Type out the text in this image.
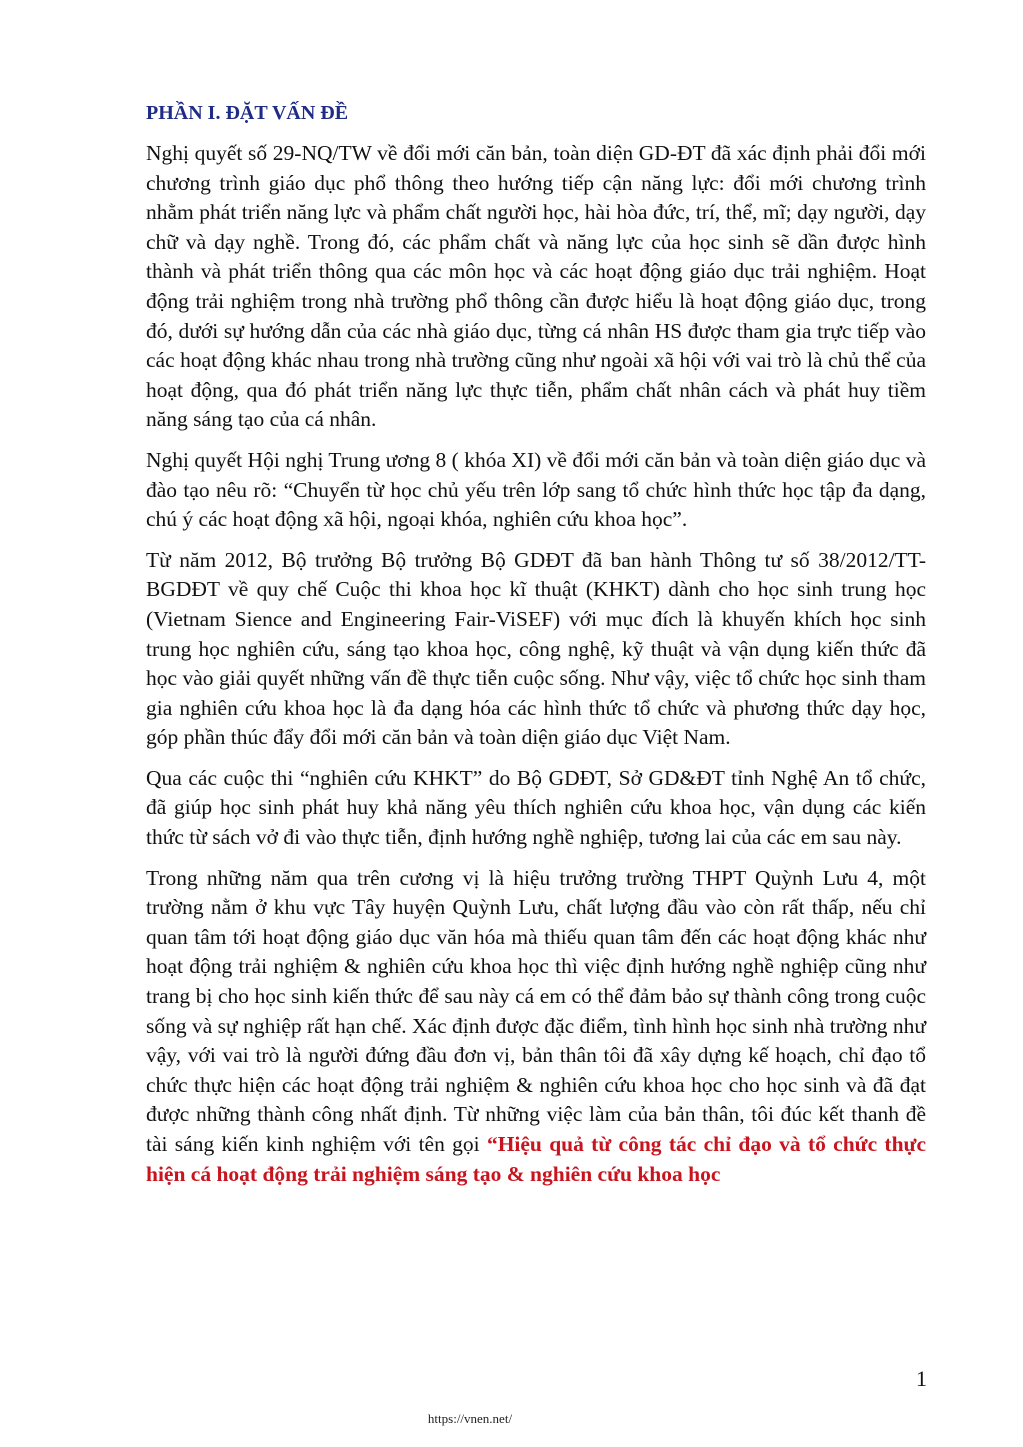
PHẦN I. ĐẶT VẤN ĐỀ

Nghị quyết số 29-NQ/TW về đổi mới căn bản, toàn diện GD-ĐT đã xác định phải đổi mới chương trình giáo dục phổ thông theo hướng tiếp cận năng lực: đổi mới chương trình nhằm phát triển năng lực và phẩm chất người học, hài hòa đức, trí, thể, mĩ; dạy người, dạy chữ và dạy nghề. Trong đó, các phẩm chất và năng lực của học sinh sẽ dần được hình thành và phát triển thông qua các môn học và các hoạt động giáo dục trải nghiệm. Hoạt động trải nghiệm trong nhà trường phổ thông cần được hiểu là hoạt động giáo dục, trong đó, dưới sự hướng dẫn của các nhà giáo dục, từng cá nhân HS được tham gia trực tiếp vào các hoạt động khác nhau trong nhà trường cũng như ngoài xã hội với vai trò là chủ thể của hoạt động, qua đó phát triển năng lực thực tiễn, phẩm chất nhân cách và phát huy tiềm năng sáng tạo của cá nhân.

Nghị quyết Hội nghị Trung ương 8 ( khóa XI) về đổi mới căn bản và toàn diện giáo dục và đào tạo nêu rõ: “Chuyển từ học chủ yếu trên lớp sang tổ chức hình thức học tập đa dạng, chú ý các hoạt động xã hội, ngoại khóa, nghiên cứu khoa học”.

Từ năm 2012, Bộ trưởng Bộ trưởng Bộ GDĐT đã ban hành Thông tư số 38/2012/TT-BGDĐT về quy chế Cuộc thi khoa học kĩ thuật (KHKT) dành cho học sinh trung học (Vietnam Sience and Engineering Fair-ViSEF) với mục đích là khuyến khích học sinh trung học nghiên cứu, sáng tạo khoa học, công nghệ, kỹ thuật và vận dụng kiến thức đã học vào giải quyết những vấn đề thực tiễn cuộc sống. Như vậy, việc tổ chức học sinh tham gia nghiên cứu khoa học là đa dạng hóa các hình thức tổ chức và phương thức dạy học, góp phần thúc đẩy đổi mới căn bản và toàn diện giáo dục Việt Nam.

Qua các cuộc thi “nghiên cứu KHKT” do Bộ GDĐT, Sở GD&ĐT tỉnh Nghệ An tổ chức, đã giúp học sinh phát huy khả năng yêu thích nghiên cứu khoa học, vận dụng các kiến thức từ sách vở đi vào thực tiễn, định hướng nghề nghiệp, tương lai của các em sau này.

Trong những năm qua trên cương vị là hiệu trưởng trường THPT Quỳnh Lưu 4, một trường nằm ở khu vực Tây huyện Quỳnh Lưu, chất lượng đầu vào còn rất thấp, nếu chỉ quan tâm tới hoạt động giáo dục văn hóa mà thiếu quan tâm đến các hoạt động khác như hoạt động trải nghiệm & nghiên cứu khoa học thì việc định hướng nghề nghiệp cũng như trang bị cho học sinh kiến thức để sau này cá em có thể đảm bảo sự thành công trong cuộc sống và sự nghiệp rất hạn chế. Xác định được đặc điểm, tình hình học sinh nhà trường như vậy, với vai trò là người đứng đầu đơn vị, bản thân tôi đã xây dựng kế hoạch, chỉ đạo tổ chức thực hiện các hoạt động trải nghiệm & nghiên cứu khoa học cho học sinh và đã đạt được những thành công nhất định. Từ những việc làm của bản thân, tôi đúc kết thanh đề tài sáng kiến kinh nghiệm với tên gọi “Hiệu quả từ công tác chỉ đạo và tổ chức thực hiện cá hoạt động trải nghiệm sáng tạo & nghiên cứu khoa học

1
https://vnen.net/
